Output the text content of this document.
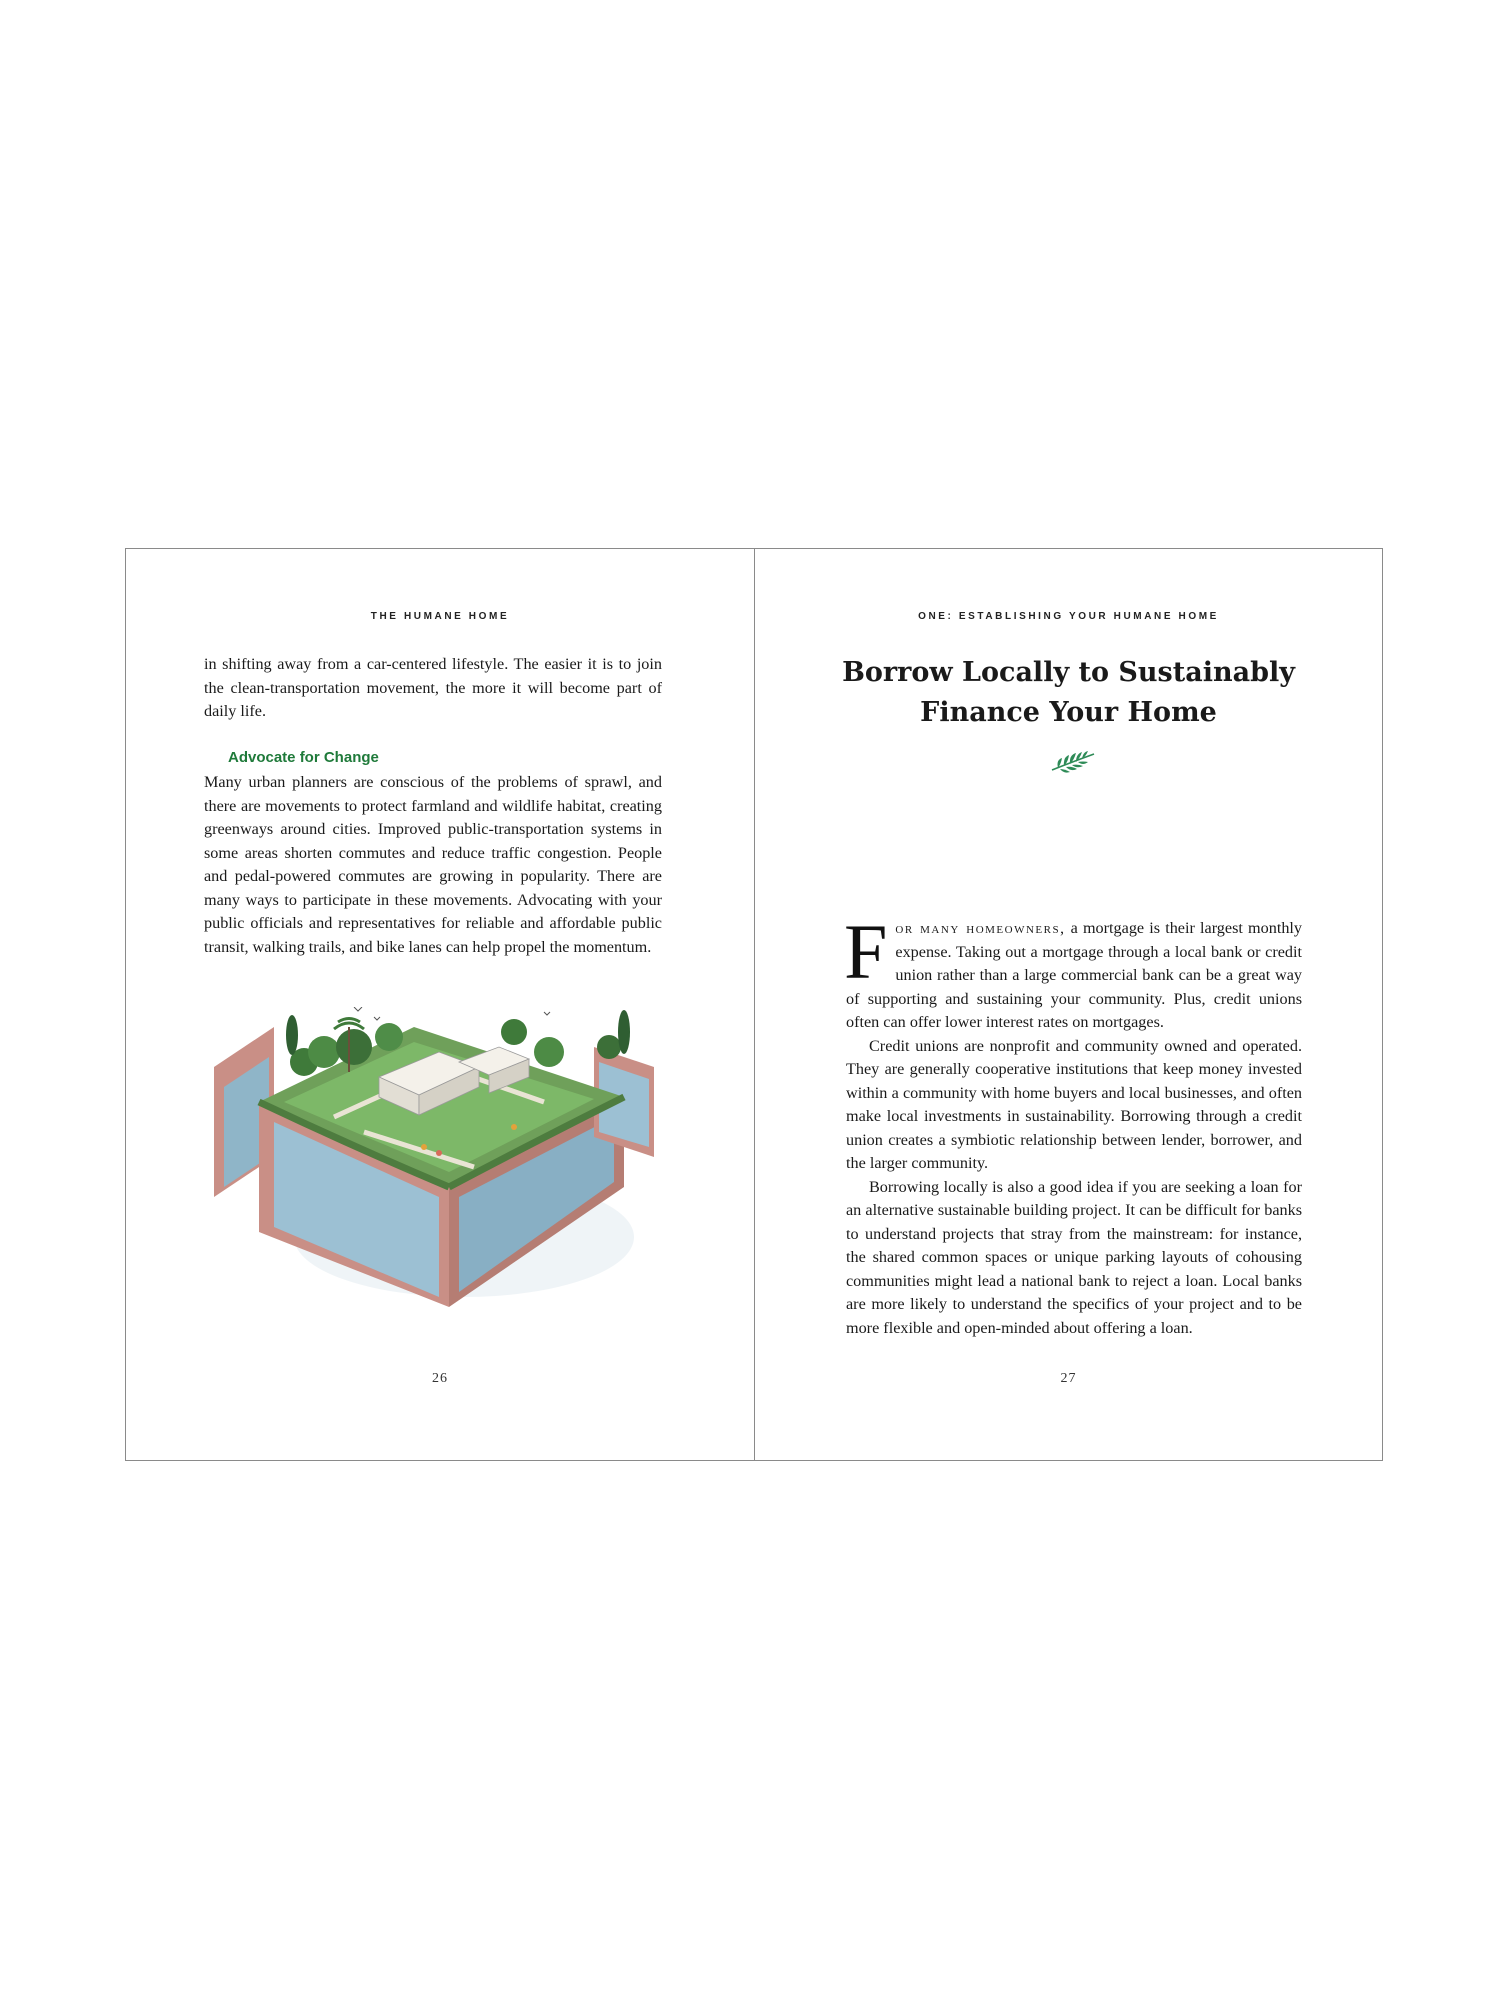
THE HUMANE HOME

in shifting away from a car-centered lifestyle. The easier it is to join the clean-transportation movement, the more it will become part of daily life.

Advocate for Change

Many urban planners are conscious of the problems of sprawl, and there are movements to protect farmland and wildlife habitat, creating greenways around cities. Improved public-transportation systems in some areas shorten commutes and reduce traffic congestion. People and pedal-powered commutes are growing in popularity. There are many ways to participate in these movements. Advocating with your public officials and representatives for reliable and affordable public transit, walking trails, and bike lanes can help propel the momentum.

26
ONE: ESTABLISHING YOUR HUMANE HOME
Borrow Locally to Sustainably
Finance Your Home

For many homeowners, a mortgage is their largest monthly expense. Taking out a mortgage through a local bank or credit union rather than a large commercial bank can be a great way of supporting and sustaining your community. Plus, credit unions often can offer lower interest rates on mortgages.

Credit unions are nonprofit and community owned and operated. They are generally cooperative institutions that keep money invested within a community with home buyers and local businesses, and often make local investments in sustainability. Borrowing through a credit union creates a symbiotic relationship between lender, borrower, and the larger community.

Borrowing locally is also a good idea if you are seeking a loan for an alternative sustainable building project. It can be difficult for banks to understand projects that stray from the mainstream: for instance, the shared common spaces or unique parking layouts of cohousing communities might lead a national bank to reject a loan. Local banks are more likely to understand the specifics of your project and to be more flexible and open-minded about offering a loan.

27
